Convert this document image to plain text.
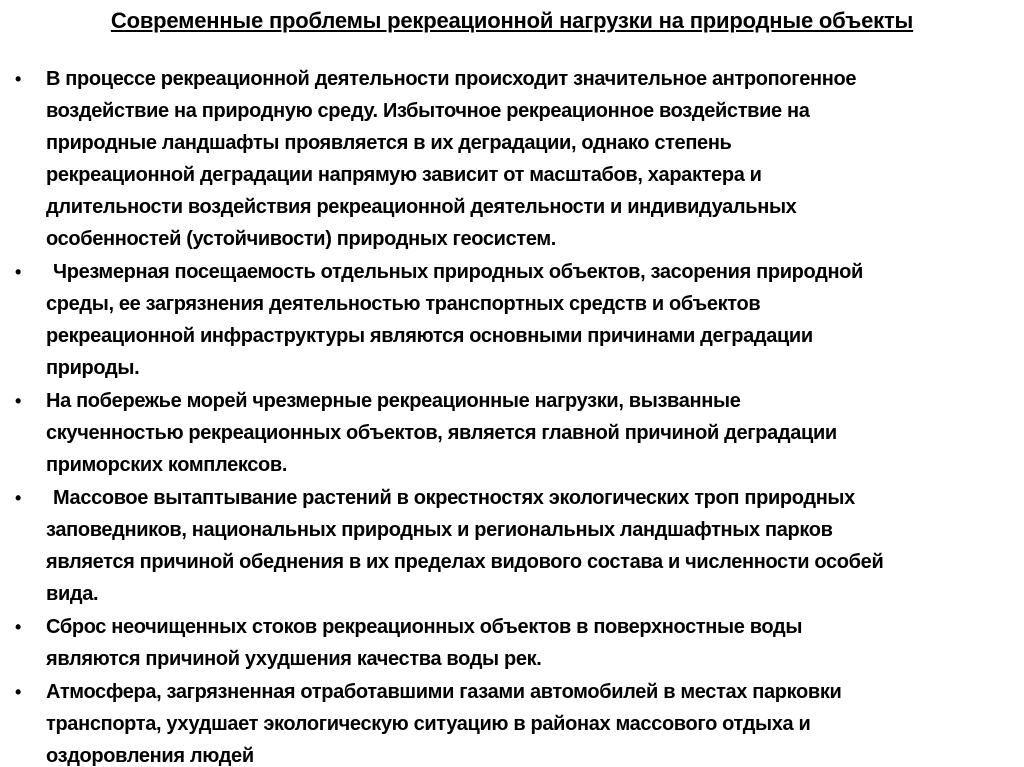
Современные проблемы рекреационной нагрузки на природные объекты
•	В процессе рекреационной деятельности происходит значительное антропогенное
воздействие на природную среду. Избыточное рекреационное воздействие на
природные ландшафты проявляется в их деградации, однако степень
рекреационной деградации напрямую зависит от масштабов, характера и
длительности воздействия рекреационной деятельности и индивидуальных
особенностей (устойчивости) природных геосистем.
•	Чрезмерная посещаемость отдельных природных объектов, засорения природной
среды, ее загрязнения деятельностью транспортных средств и объектов
рекреационной инфраструктуры являются основными причинами деградации
природы.
•	На побережье морей чрезмерные рекреационные нагрузки, вызванные
скученностью рекреационных объектов, является главной причиной деградации
приморских комплексов.
•	Массовое вытаптывание растений в окрестностях экологических троп природных
заповедников, национальных природных и региональных ландшафтных парков
является причиной обеднения в их пределах видового состава и численности особей
вида.
•	Сброс неочищенных стоков рекреационных объектов в поверхностные воды
являются причиной ухудшения качества воды рек.
•	Атмосфера, загрязненная отработавшими газами автомобилей в местах парковки
транспорта, ухудшает экологическую ситуацию в районах массового отдыха и
оздоровления людей
